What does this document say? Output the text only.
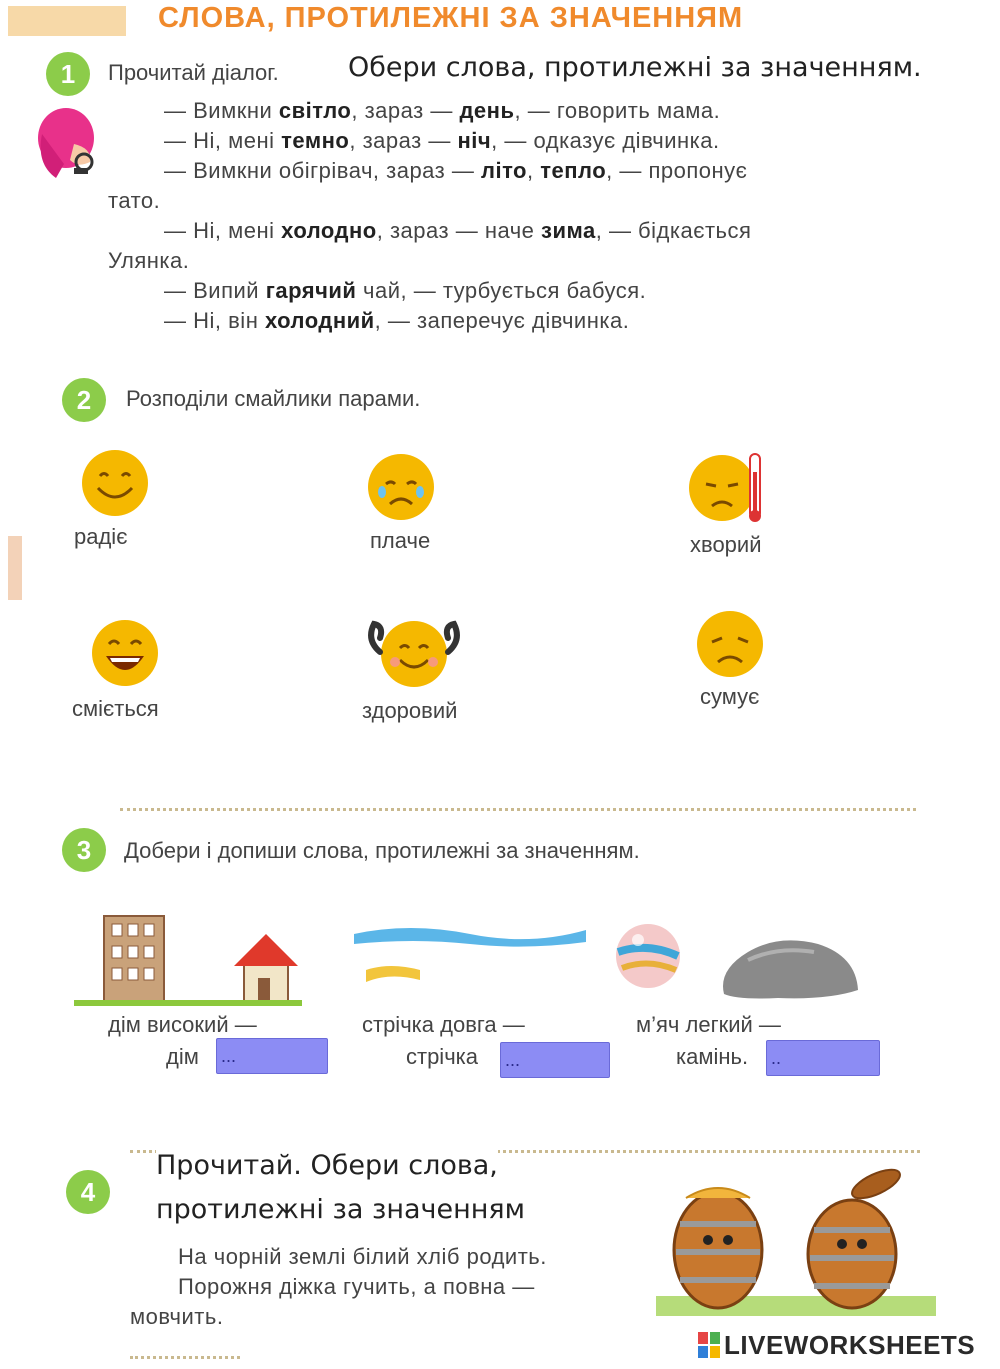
СЛОВА, ПРОТИЛЕЖНІ ЗА ЗНАЧЕННЯМ
1	Прочитай діалог.	Обери слова, протилежні за значенням.
— Вимкни світло, зараз — день, — говорить мама.
— Ні, мені темно, зараз — ніч, — одказує дівчинка.
— Вимкни обігрівач, зараз — літо, тепло, — пропонує
тато.
— Ні, мені холодно, зараз — наче зима, — бідкається
Улянка.
— Випий гарячий чай, — турбується бабуся.
— Ні, він холодний, — заперечує дівчинка.
2	Розподіли смайлики парами.
радіє	плаче	хворий
сміється	здоровий
сумує
3	Добери і допиши слова, протилежні за значенням.
дім високий —
дім ...
стрічка довга —
стрічка ...
м’яч легкий —
камінь. ..
4
Прочитай. Обери слова,
протилежні за значенням
На чорній землі білий хліб родить.
Порожня діжка гучить, а повна —
мовчить.
LIVEWORKSHEETS
